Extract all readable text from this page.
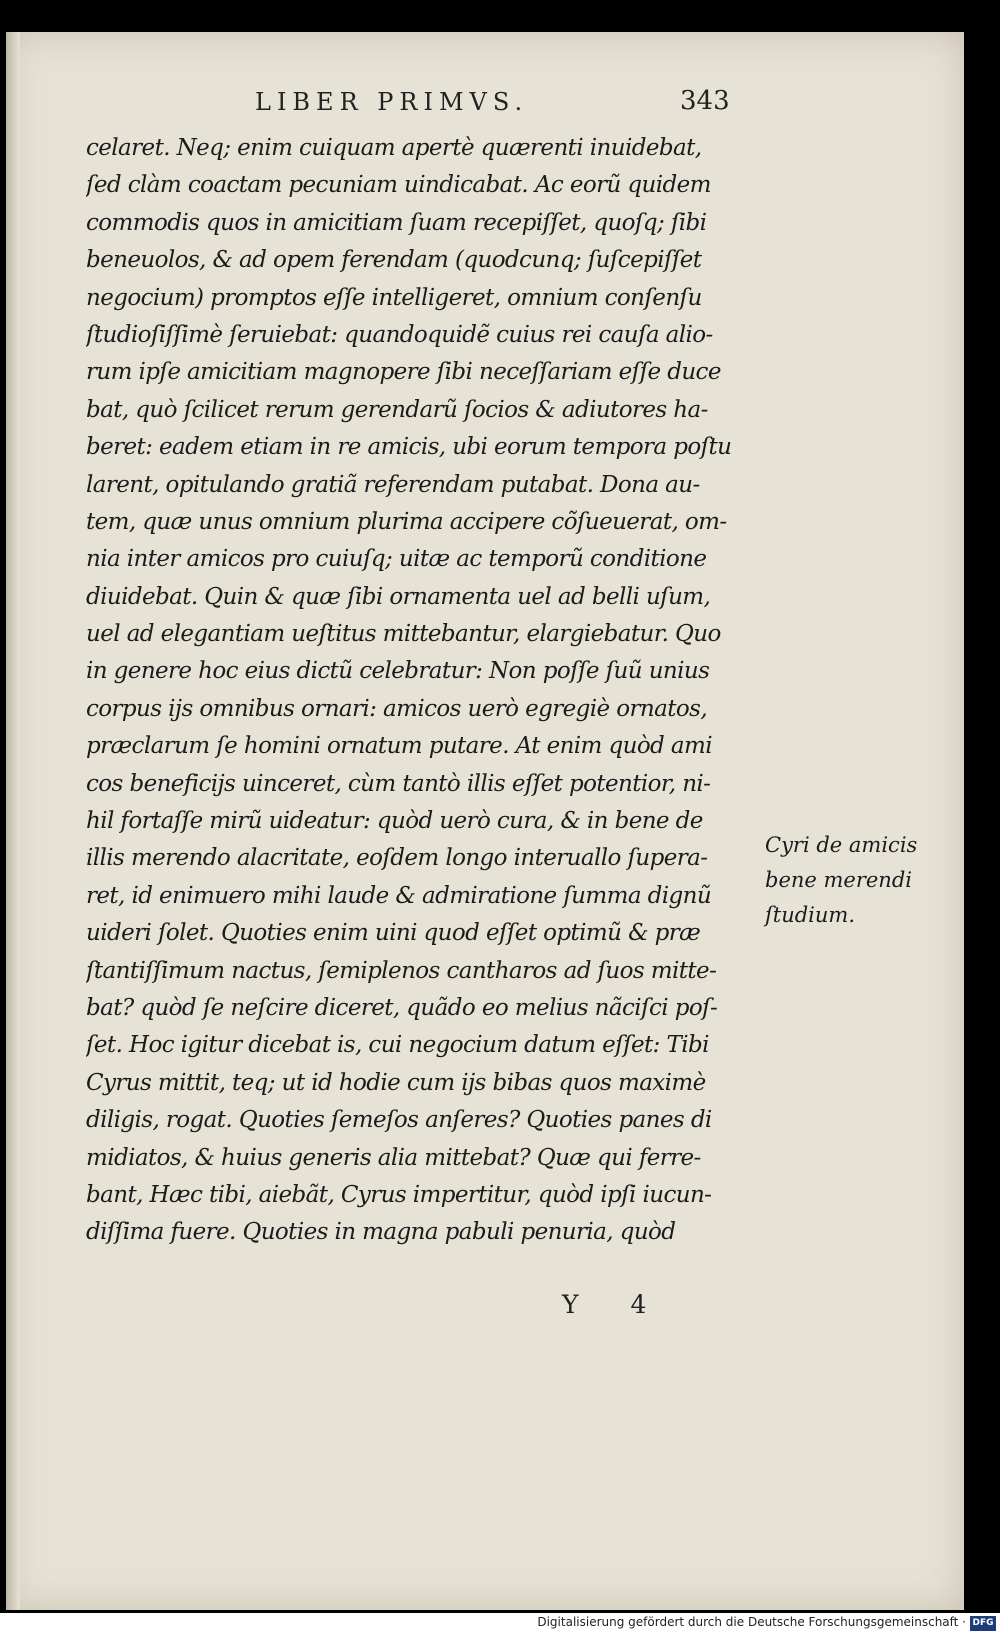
LIBER PRIMVS.	343
celaret. Neq; enim cuiquam apertè quærenti inuidebat,
ſed clàm coactam pecuniam uindicabat. Ac eorũ quidem
commodis quos in amicitiam ſuam recepiſſet, quoſq; ſibi
beneuolos, & ad opem ferendam (quodcunq; ſuſcepiſſet
negocium) promptos eſſe intelligeret, omnium conſenſu
ſtudioſiſſimè ſeruiebat: quandoquidẽ cuius rei cauſa alio-
rum ipſe amicitiam magnopere ſibi neceſſariam eſſe duce
bat, quò ſcilicet rerum gerendarũ ſocios & adiutores ha-
beret: eadem etiam in re amicis, ubi eorum tempora poſtu
larent, opitulando gratiã referendam putabat. Dona au-
tem, quæ unus omnium plurima accipere cõſueuerat, om-
nia inter amicos pro cuiuſq; uitæ ac temporũ conditione
diuidebat. Quin & quæ ſibi ornamenta uel ad belli uſum,
uel ad elegantiam ueſtitus mittebantur, elargiebatur. Quo
in genere hoc eius dictũ celebratur: Non poſſe ſuũ unius
corpus ijs omnibus ornari: amicos uerò egregiè ornatos,
præclarum ſe homini ornatum putare. At enim quòd ami
cos beneficijs uinceret, cùm tantò illis eſſet potentior, ni-
hil fortaſſe mirũ uideatur: quòd uerò cura, & in bene de
illis merendo alacritate, eoſdem longo interuallo ſupera-
ret, id enimuero mihi laude & admiratione ſumma dignũ
uideri ſolet. Quoties enim uini quod eſſet optimũ & præ
ſtantiſſimum nactus, ſemiplenos cantharos ad ſuos mitte-
bat? quòd ſe neſcire diceret, quãdo eo melius nãciſci poſ-
ſet. Hoc igitur dicebat is, cui negocium datum eſſet: Tibi
Cyrus mittit, teq; ut id hodie cum ijs bibas quos maximè
diligis, rogat. Quoties ſemeſos anſeres? Quoties panes di
midiatos, & huius generis alia mittebat? Quæ qui ferre-
bant, Hæc tibi, aiebãt, Cyrus impertitur, quòd ipſi iucun-
diſſima fuere. Quoties in magna pabuli penuria, quòd
Cyri de amicis
bene merendi
ſtudium.
Y 4
Digitalisierung gefördert durch die Deutsche Forschungsgemeinschaft · DFG
